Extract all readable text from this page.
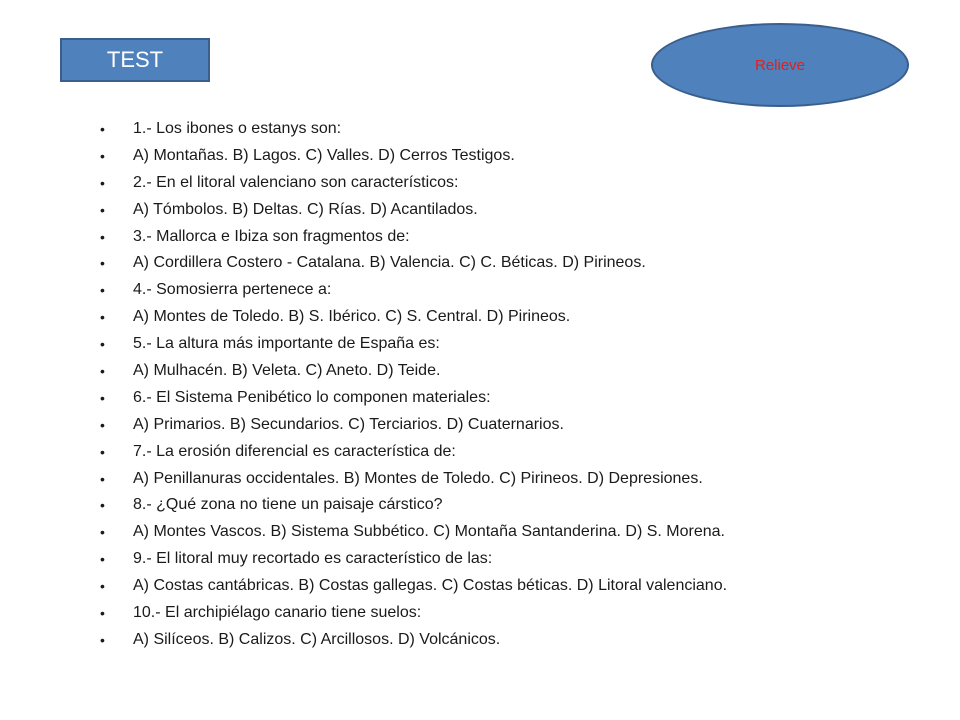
TEST	Relieve
• 1.- Los ibones o estanys son:
• A) Montañas. B) Lagos. C) Valles. D) Cerros Testigos.
• 2.- En el litoral valenciano son característicos:
• A) Tómbolos. B) Deltas. C) Rías. D) Acantilados.
• 3.- Mallorca e Ibiza son fragmentos de:
• A) Cordillera Costero - Catalana. B) Valencia. C) C. Béticas. D) Pirineos.
• 4.- Somosierra pertenece a:
• A) Montes de Toledo. B) S. Ibérico. C) S. Central. D) Pirineos.
• 5.- La altura más importante de España es:
• A) Mulhacén. B) Veleta. C) Aneto. D) Teide.
• 6.- El Sistema Penibético lo componen materiales:
• A) Primarios. B) Secundarios. C) Terciarios. D) Cuaternarios.
• 7.- La erosión diferencial es característica de:
• A) Penillanuras occidentales. B) Montes de Toledo. C) Pirineos. D) Depresiones.
• 8.- ¿Qué zona no tiene un paisaje cárstico?
• A) Montes Vascos. B) Sistema Subbético. C) Montaña Santanderina. D) S. Morena.
• 9.- El litoral muy recortado es característico de las:
• A) Costas cantábricas. B) Costas gallegas. C) Costas béticas. D) Litoral valenciano.
• 10.- El archipiélago canario tiene suelos:
• A) Silíceos. B) Calizos. C) Arcillosos. D) Volcánicos.
